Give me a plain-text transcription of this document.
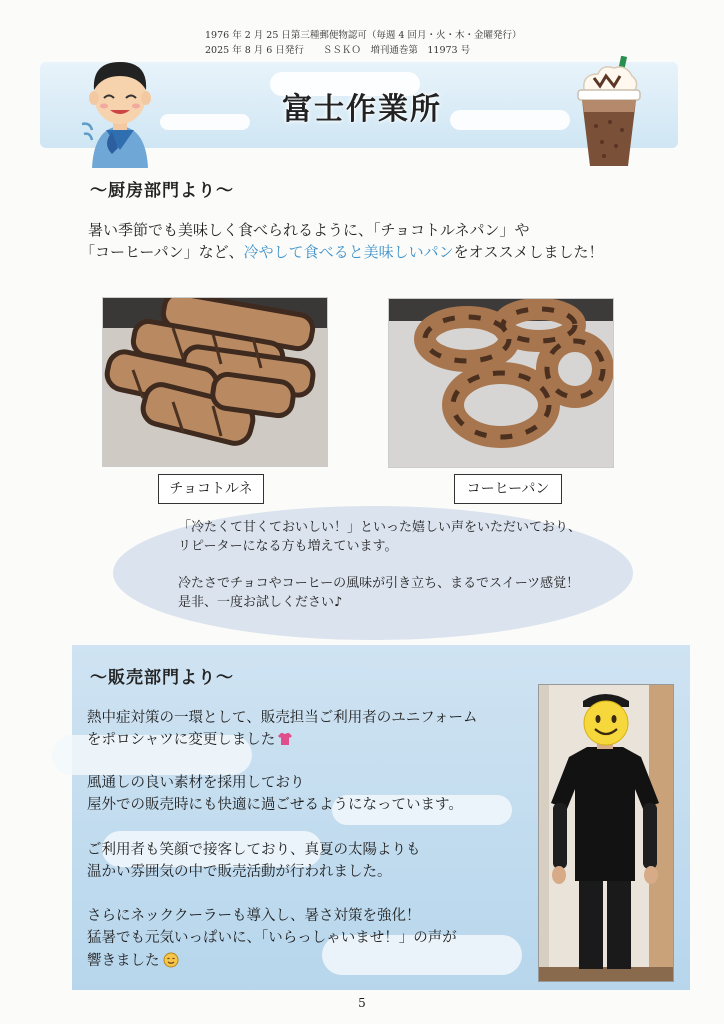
1976 年 2 月 25 日第三種郵便物認可（毎週 4 回月・火・木・金曜発行）
2025 年 8 月 6 日発行　　ＳＳＫＯ　増刊通巻第　11973 号
富士作業所
～厨房部門より～
暑い季節でも美味しく食べられるように、「チョコトルネパン」や
「コーヒーパン」など、冷やして食べると美味しいパンをオススメしました！
チョコトルネ	コーヒーパン
「冷たくて甘くておいしい！」といった嬉しい声をいただいており、
リピーターになる方も増えています。
冷たさでチョコやコーヒーの風味が引き立ち、まるでスイーツ感覚！
是非、一度お試しください♪
～販売部門より～
熱中症対策の一環として、販売担当ご利用者のユニフォーム
をポロシャツに変更しました
風通しの良い素材を採用しており
屋外での販売時にも快適に過ごせるようになっています。
ご利用者も笑顔で接客しており、真夏の太陽よりも
温かい雰囲気の中で販売活動が行われました。
さらにネッククーラーも導入し、暑さ対策を強化！
猛暑でも元気いっぱいに、「いらっしゃいませ！」の声が
響きました
5
